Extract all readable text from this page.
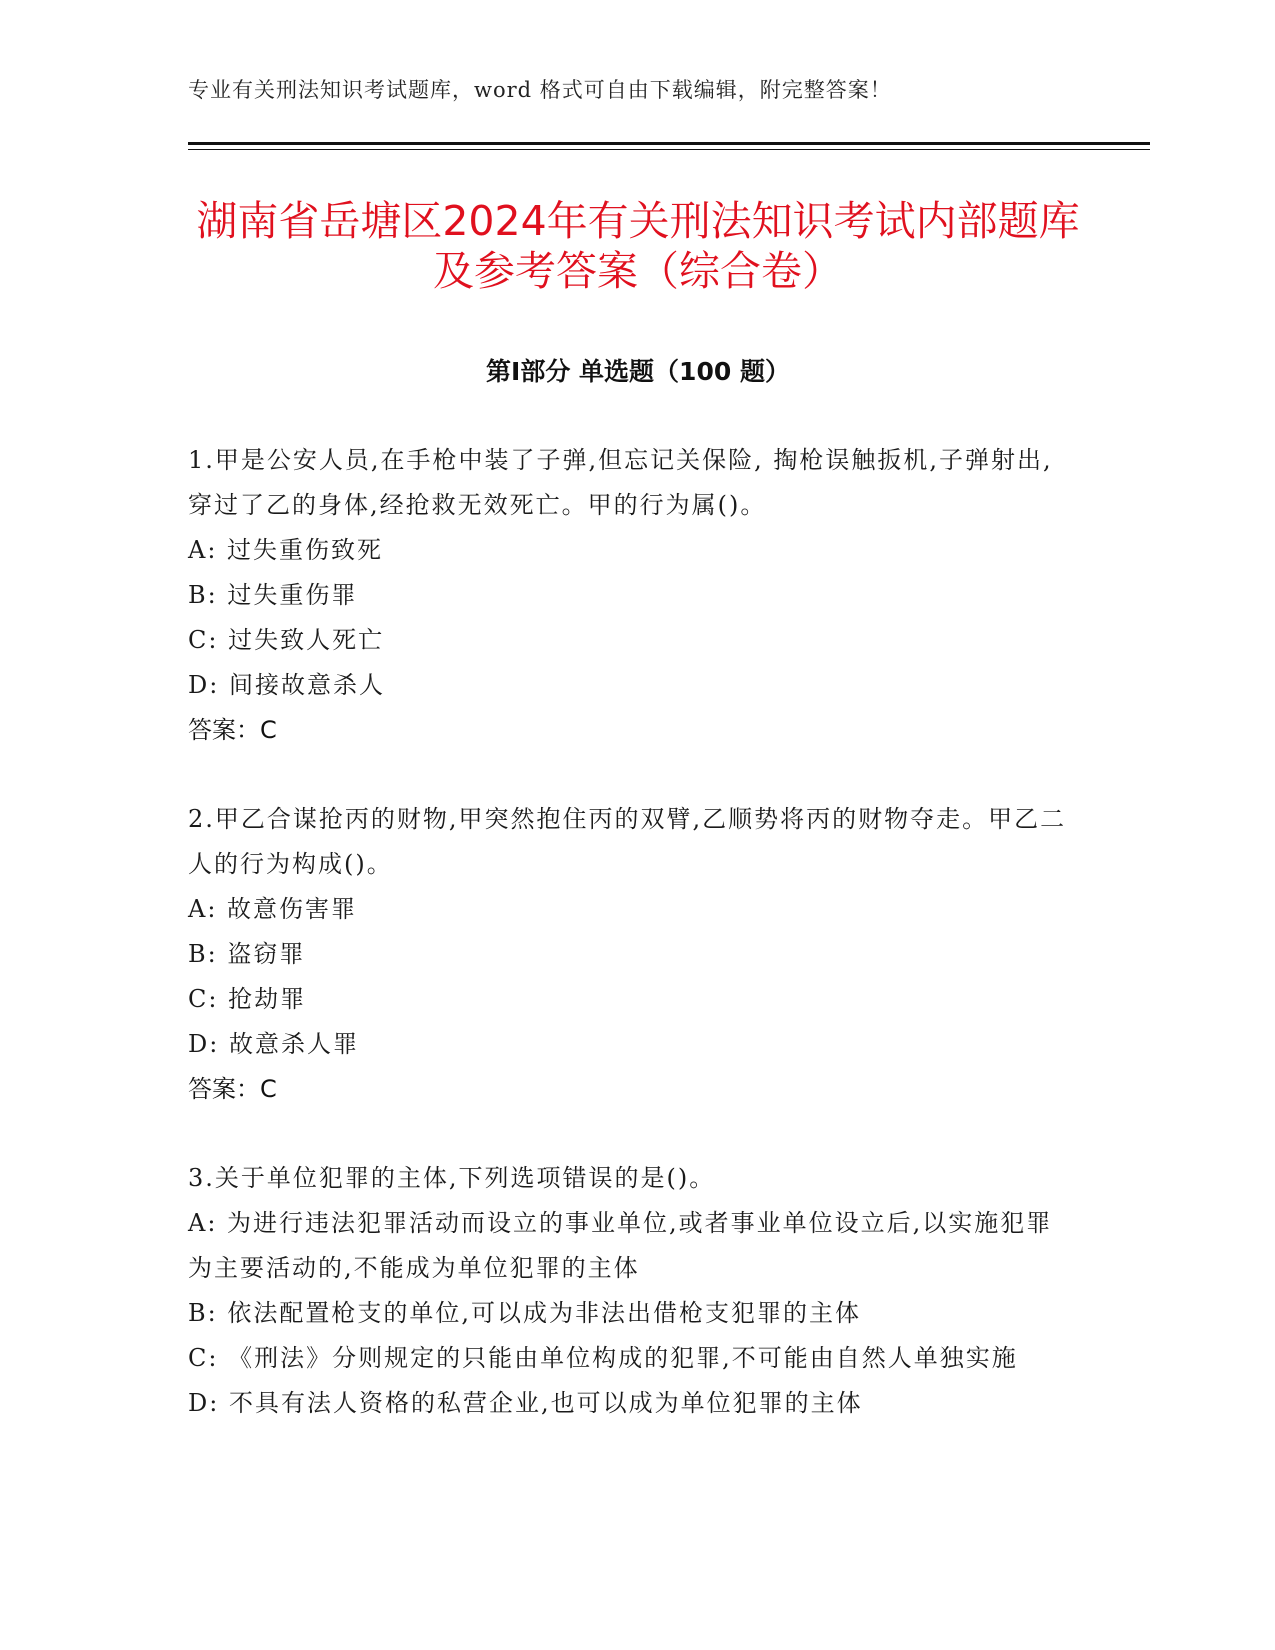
专业有关刑法知识考试题库，word 格式可自由下载编辑，附完整答案！
湖南省岳塘区2024年有关刑法知识考试内部题库及参考答案（综合卷）
第Ⅰ部分 单选题（100 题）

1.甲是公安人员,在手枪中装了子弹,但忘记关保险, 掏枪误触扳机,子弹射出,穿过了乙的身体,经抢救无效死亡。甲的行为属()。

A: 过失重伤致死

B: 过失重伤罪

C: 过失致人死亡

D: 间接故意杀人

答案：C

2.甲乙合谋抢丙的财物,甲突然抱住丙的双臂,乙顺势将丙的财物夺走。甲乙二人的行为构成()。

A: 故意伤害罪

B: 盗窃罪

C: 抢劫罪

D: 故意杀人罪

答案：C

3.关于单位犯罪的主体,下列选项错误的是()。

A: 为进行违法犯罪活动而设立的事业单位,或者事业单位设立后,以实施犯罪为主要活动的,不能成为单位犯罪的主体

B: 依法配置枪支的单位,可以成为非法出借枪支犯罪的主体

C: 《刑法》分则规定的只能由单位构成的犯罪,不可能由自然人单独实施

D: 不具有法人资格的私营企业,也可以成为单位犯罪的主体
